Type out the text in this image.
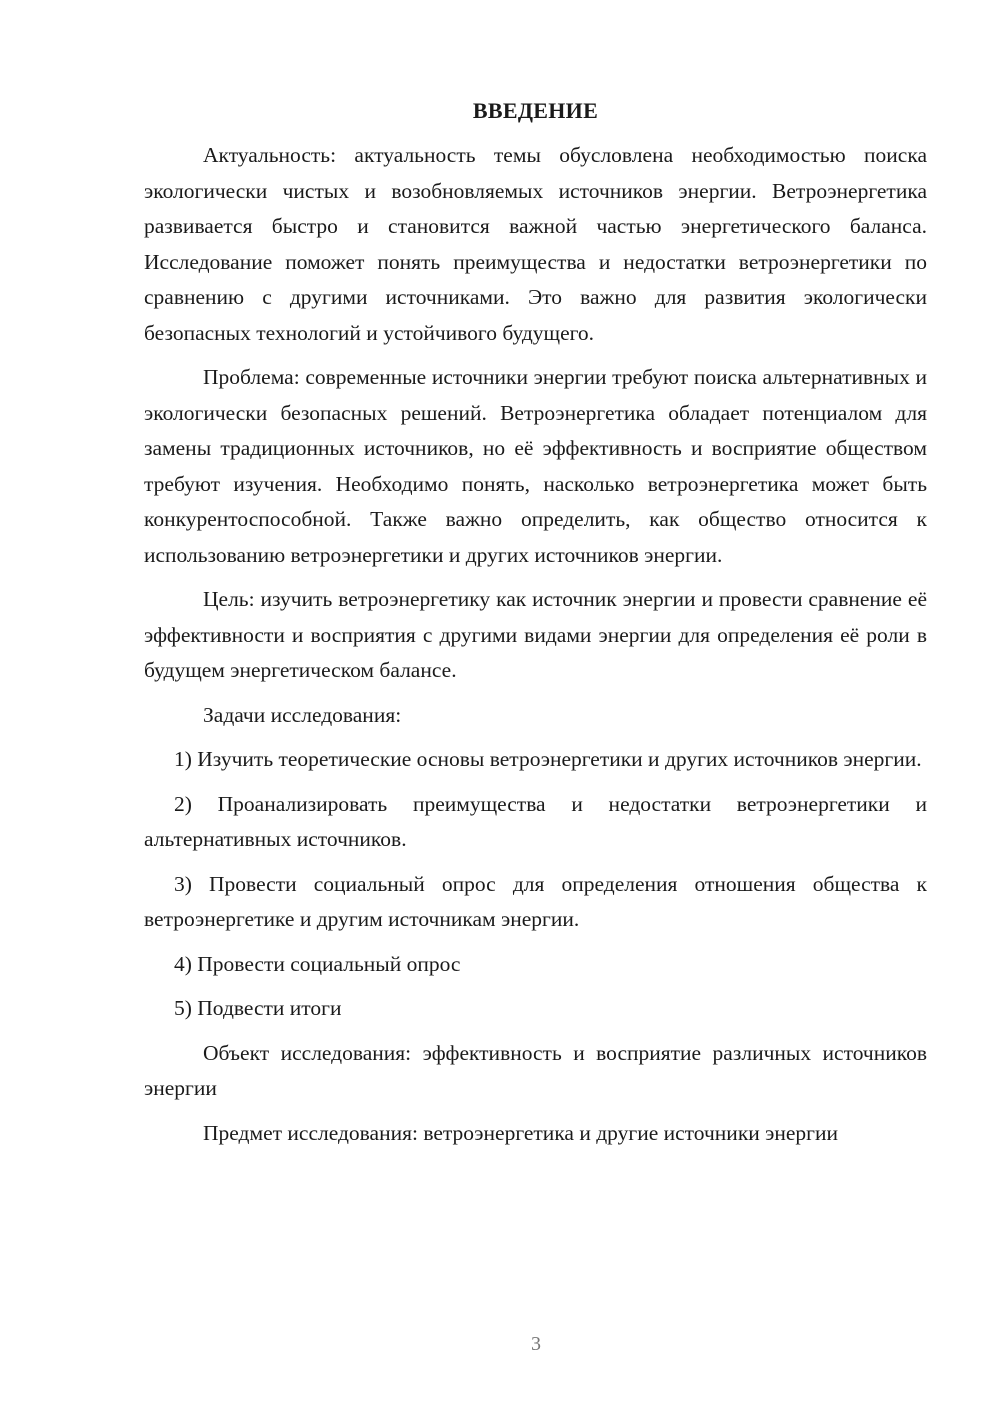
ВВЕДЕНИЕ

Актуальность: актуальность темы обусловлена необходимостью поиска экологически чистых и возобновляемых источников энергии. Ветроэнергетика развивается быстро и становится важной частью энергетического баланса. Исследование поможет понять преимущества и недостатки ветроэнергетики по сравнению с другими источниками. Это важно для развития экологически безопасных технологий и устойчивого будущего.

Проблема: современные источники энергии требуют поиска альтернативных и экологически безопасных решений. Ветроэнергетика обладает потенциалом для замены традиционных источников, но её эффективность и восприятие обществом требуют изучения. Необходимо понять, насколько ветроэнергетика может быть конкурентоспособной. Также важно определить, как общество относится к использованию ветроэнергетики и других источников энергии.

Цель: изучить ветроэнергетику как источник энергии и провести сравнение её эффективности и восприятия с другими видами энергии для определения её роли в будущем энергетическом балансе.

Задачи исследования:

1) Изучить теоретические основы ветроэнергетики и других источников энергии.

2) Проанализировать преимущества и недостатки ветроэнергетики и альтернативных источников.

3) Провести социальный опрос для определения отношения общества к ветроэнергетике и другим источникам энергии.

4) Провести социальный опрос

5) Подвести итоги

Объект исследования: эффективность и восприятие различных источников энергии

Предмет исследования: ветроэнергетика и другие источники энергии

3
